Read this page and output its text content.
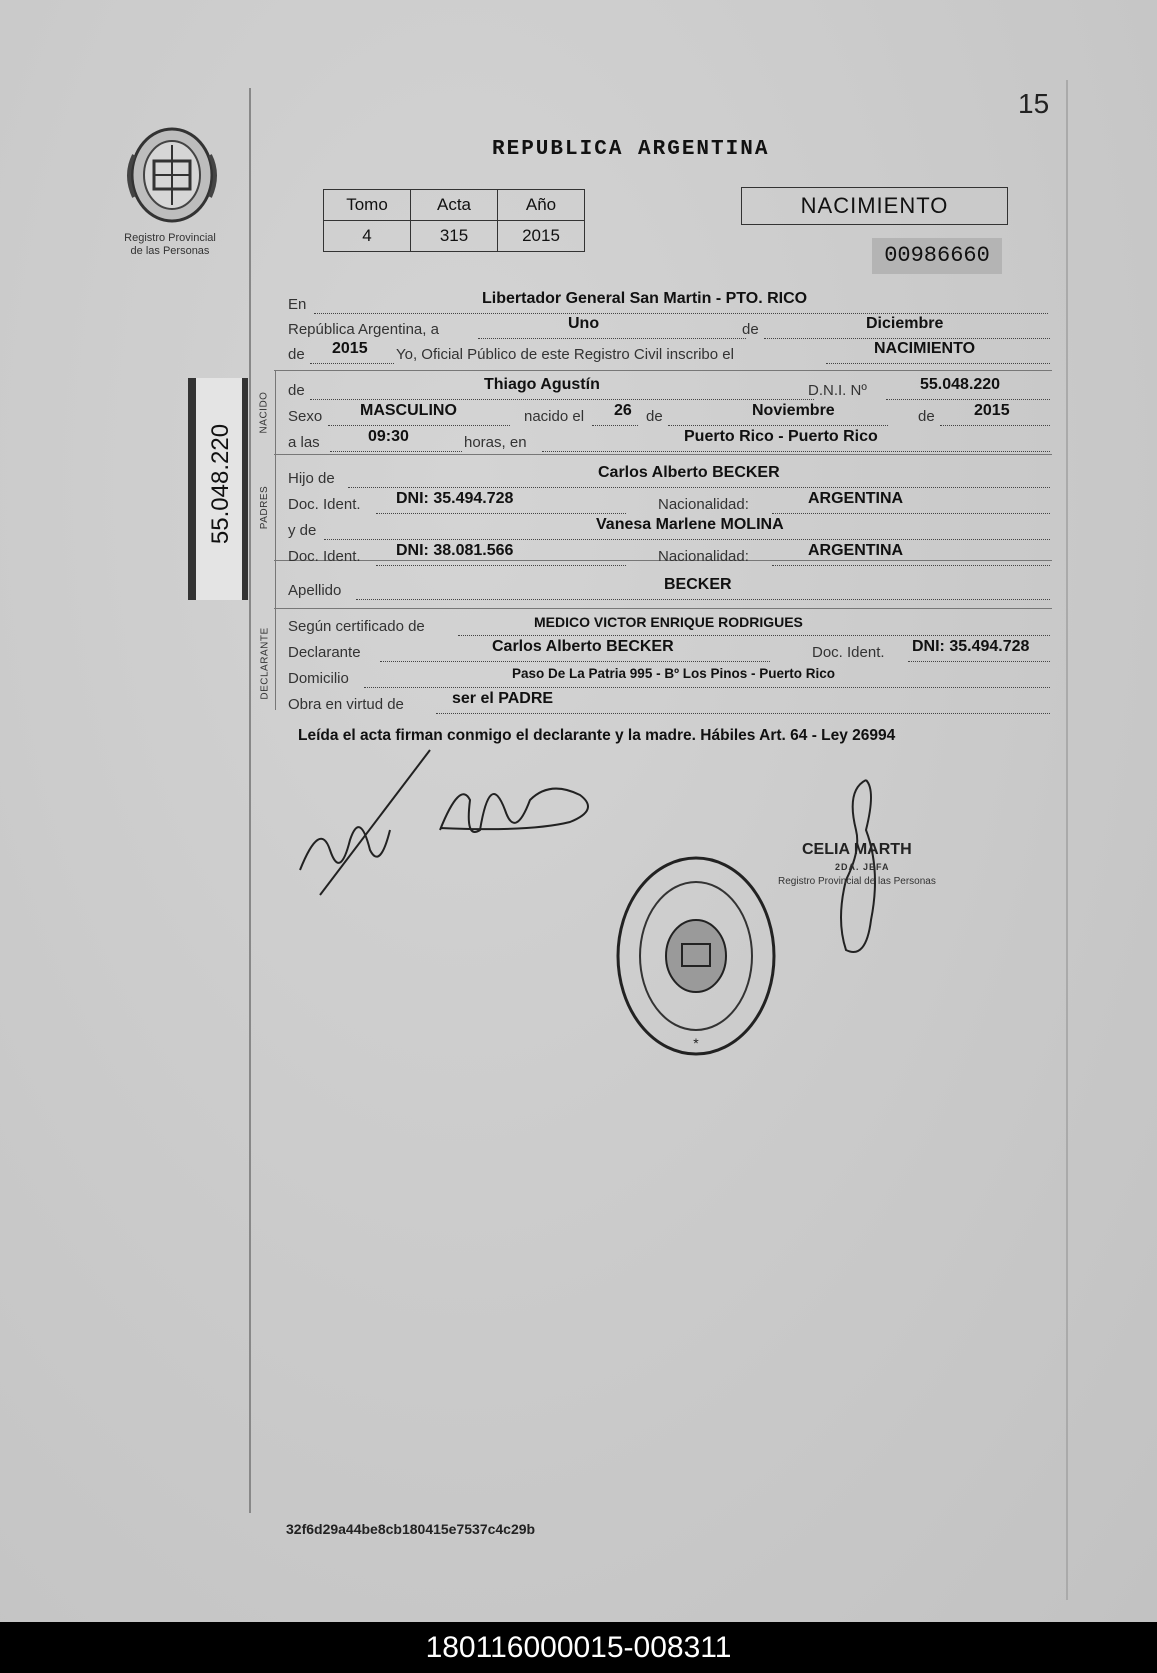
15
REPUBLICA ARGENTINA
Registro Provincial
de las Personas
Tomo	Acta	Año
4	315	2015
NACIMIENTO
00986660
55.048.220
NACIDO
PADRES
DECLARANTE
En	Libertador General San Martin - PTO. RICO
República Argentina, a	Uno	de	Diciembre
de 2015 Yo, Oficial Público de este Registro Civil inscribo el	NACIMIENTO
de	Thiago Agustín	D.N.I. Nº	55.048.220
Sexo MASCULINO	nacido el 26 de	Noviembre	de 2015
a las	09:30	horas, en	Puerto Rico - Puerto Rico
Hijo de	Carlos Alberto BECKER
Doc. Ident. DNI: 35.494.728	Nacionalidad:	ARGENTINA
y de	Vanesa Marlene MOLINA
Doc. Ident. DNI: 38.081.566	Nacionalidad:	ARGENTINA
Apellido	BECKER
Según certificado de	MEDICO VICTOR ENRIQUE RODRIGUES
Declarante	Carlos Alberto BECKER	Doc. Ident. DNI: 35.494.728
Domicilio	Paso De La Patria 995 - Bº Los Pinos - Puerto Rico
Obra en virtud de	ser el PADRE
Leída el acta firman conmigo el declarante y la madre. Hábiles Art. 64 - Ley 26994
*
CELIA MARTH
2DA. JEFA
Registro Provincial de las Personas
32f6d29a44be8cb180415e7537c4c29b
180116000015-008311
